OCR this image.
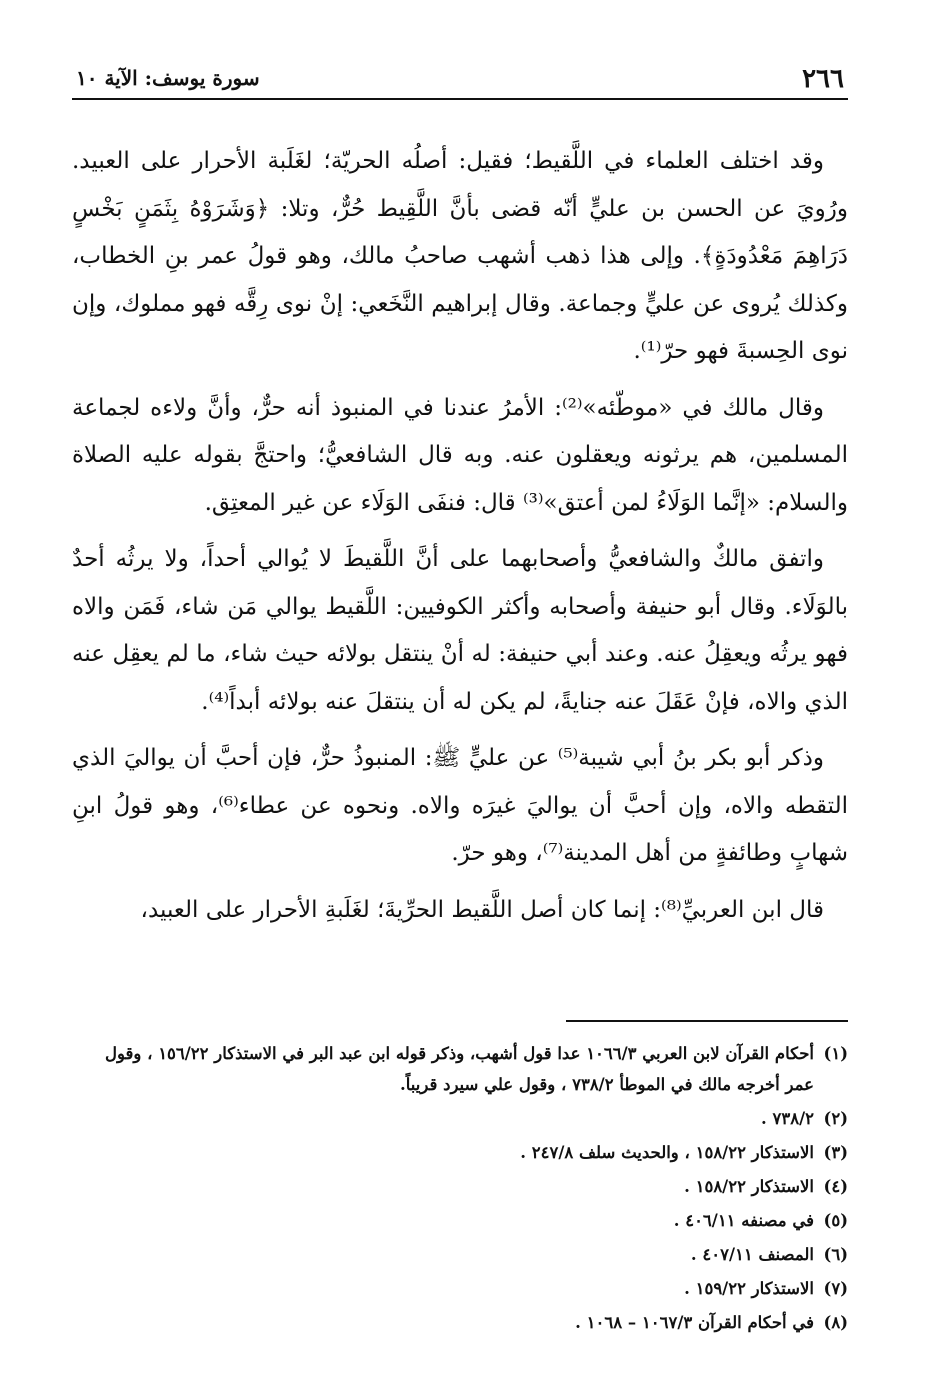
٢٦٦
سورة يوسف: الآية ١٠

وقد اختلف العلماء في اللَّقيط؛ فقيل: أصلُه الحريّة؛ لغَلَبة الأحرار على العبيد. ورُويَ عن الحسن بن عليٍّ أنّه قضى بأنَّ اللَّقِيط حُرٌّ، وتلا: ﴿وَشَرَوْهُ بِثَمَنٍ بَخْسٍ دَرَاهِمَ مَعْدُودَةٍ﴾. وإلى هذا ذهب أشهب صاحبُ مالك، وهو قولُ عمر بنِ الخطاب، وكذلك يُروى عن عليٍّ وجماعة. وقال إبراهيم النَّخَعي: إنْ نوى رِقَّه فهو مملوك، وإن نوى الحِسبةَ فهو حرّ⁽¹⁾.

وقال مالك في «موطّئه»⁽²⁾: الأمرُ عندنا في المنبوذ أنه حرٌّ، وأنَّ ولاءه لجماعة المسلمين، هم يرثونه ويعقلون عنه. وبه قال الشافعيُّ؛ واحتجَّ بقوله عليه الصلاة والسلام: «إنَّما الوَلَاءُ لمن أعتق»⁽³⁾ قال: فنفَى الوَلَاء عن غير المعتِق.

واتفق مالكٌ والشافعيُّ وأصحابهما على أنَّ اللَّقيطَ لا يُوالي أحداً، ولا يرثُه أحدٌ بالوَلَاء. وقال أبو حنيفة وأصحابه وأكثر الكوفيين: اللَّقيط يوالي مَن شاء، فَمَن والاه فهو يرثُه ويعقِلُ عنه. وعند أبي حنيفة: له أنْ ينتقل بولائه حيث شاء، ما لم يعقِل عنه الذي والاه، فإنْ عَقَلَ عنه جنايةً، لم يكن له أن ينتقلَ عنه بولائه أبداً⁽⁴⁾.

وذكر أبو بكر بنُ أبي شيبة⁽⁵⁾ عن عليٍّ ﷺ: المنبوذُ حرٌّ، فإن أحبَّ أن يواليَ الذي التقطه والاه، وإن أحبَّ أن يواليَ غيرَه والاه. ونحوه عن عطاء⁽⁶⁾، وهو قولُ ابنِ شهابٍ وطائفةٍ من أهل المدينة⁽⁷⁾، وهو حرّ.

قال ابن العربيِّ⁽⁸⁾: إنما كان أصل اللَّقيط الحرِّيةَ؛ لغَلَبةِ الأحرار على العبيد،

(١)أحكام القرآن لابن العربي ١٠٦٦/٣ عدا قول أشهب، وذكر قوله ابن عبد البر في الاستذكار ١٥٦/٢٢ ، وقول عمر أخرجه مالك في الموطأ ٧٣٨/٢ ، وقول علي سيرد قريباً.
(٢)٧٣٨/٢ .
(٣)الاستذكار ١٥٨/٢٢ ، والحديث سلف ٢٤٧/٨ .
(٤)الاستذكار ١٥٨/٢٢ .
(٥)في مصنفه ٤٠٦/١١ .
(٦)المصنف ٤٠٧/١١ .
(٧)الاستذكار ١٥٩/٢٢ .
(٨)في أحكام القرآن ١٠٦٧/٣ – ١٠٦٨ .
